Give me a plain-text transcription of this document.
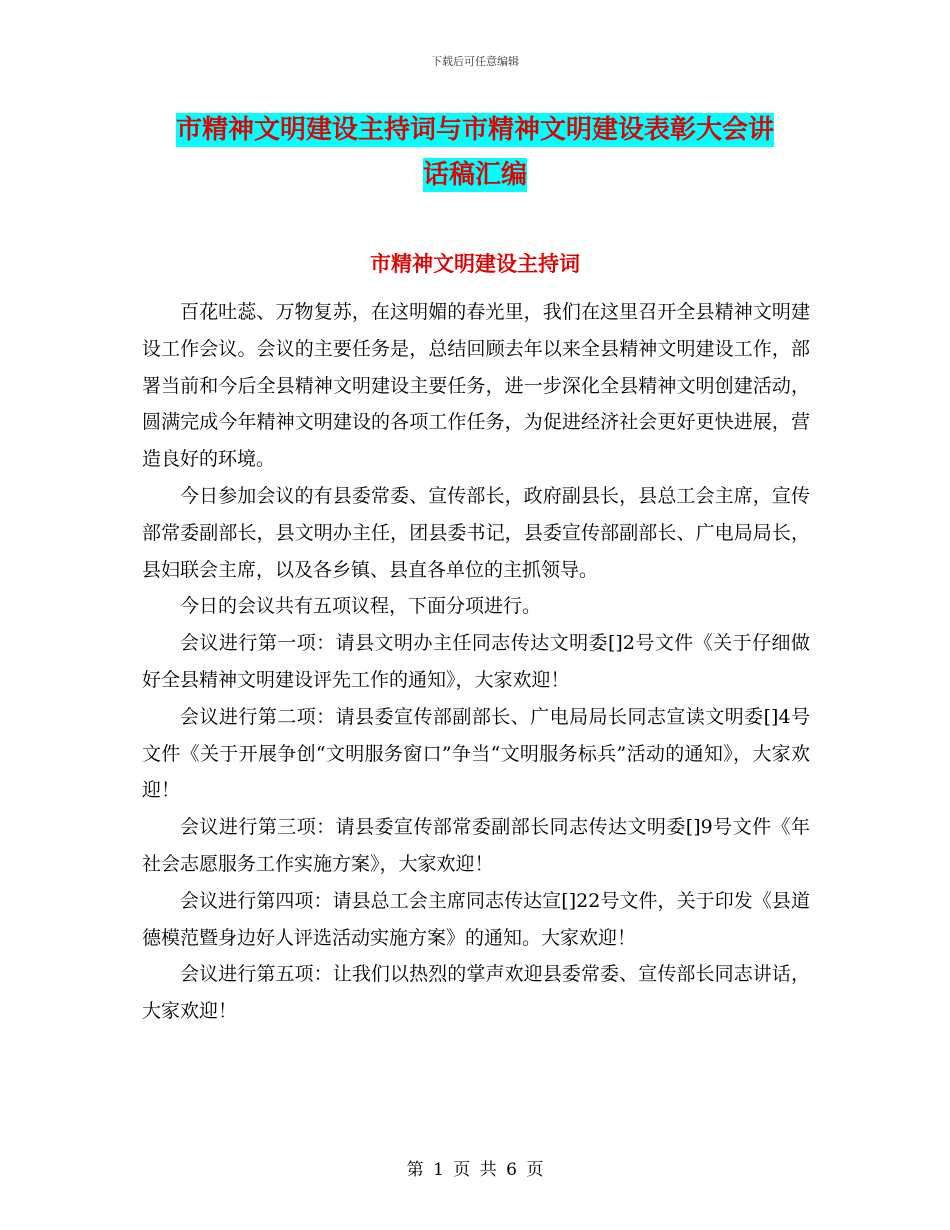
下载后可任意编辑
市精神文明建设主持词与市精神文明建设表彰大会讲
话稿汇编
市精神文明建设主持词

百花吐蕊、万物复苏，在这明媚的春光里，我们在这里召开全县精神文明建设工作会议。会议的主要任务是，总结回顾去年以来全县精神文明建设工作，部署当前和今后全县精神文明建设主要任务，进一步深化全县精神文明创建活动，圆满完成今年精神文明建设的各项工作任务，为促进经济社会更好更快进展，营造良好的环境。

今日参加会议的有县委常委、宣传部长，政府副县长，县总工会主席，宣传部常委副部长，县文明办主任，团县委书记，县委宣传部副部长、广电局局长，县妇联会主席，以及各乡镇、县直各单位的主抓领导。

今日的会议共有五项议程，下面分项进行。

会议进行第一项：请县文明办主任同志传达文明委[]2号文件《关于仔细做好全县精神文明建设评先工作的通知》，大家欢迎！

会议进行第二项：请县委宣传部副部长、广电局局长同志宣读文明委[]4号文件《关于开展争创“文明服务窗口”争当“文明服务标兵”活动的通知》，大家欢迎！

会议进行第三项：请县委宣传部常委副部长同志传达文明委[]9号文件《年社会志愿服务工作实施方案》，大家欢迎！

会议进行第四项：请县总工会主席同志传达宣[]22号文件，关于印发《县道德模范暨身边好人评选活动实施方案》的通知。大家欢迎！

会议进行第五项：让我们以热烈的掌声欢迎县委常委、宣传部长同志讲话，大家欢迎！

第 1 页 共 6 页
